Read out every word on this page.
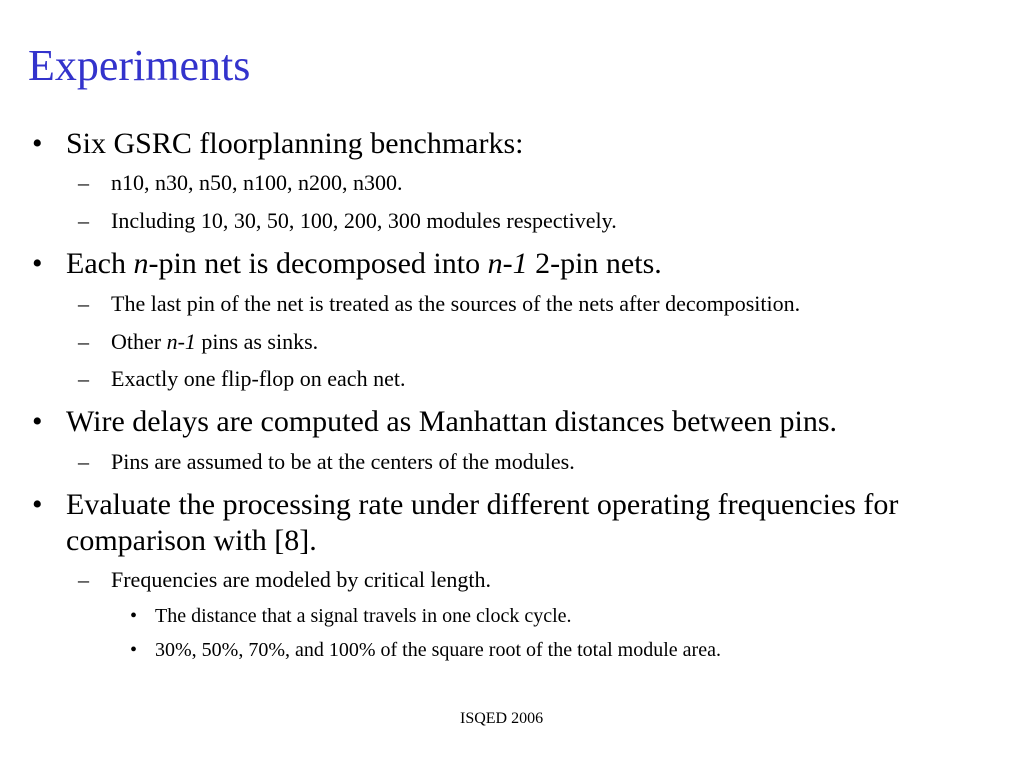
Experiments
• Six GSRC floorplanning benchmarks:
– n10, n30, n50, n100, n200, n300.
– Including 10, 30, 50, 100, 200, 300 modules respectively.
• Each n-pin net is decomposed into n-1 2-pin nets.
– The last pin of the net is treated as the sources of the nets after decomposition.
– Other n-1 pins as sinks.
– Exactly one flip-flop on each net.
• Wire delays are computed as Manhattan distances between pins.
– Pins are assumed to be at the centers of the modules.
• Evaluate the processing rate under different operating frequencies for comparison with [8].
– Frequencies are modeled by critical length.
• The distance that a signal travels in one clock cycle.
• 30%, 50%, 70%, and 100% of the square root of the total module area.
ISQED 2006
